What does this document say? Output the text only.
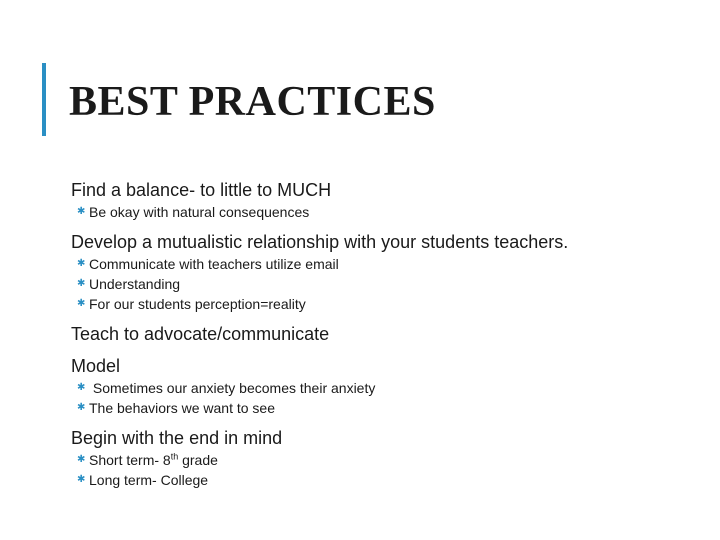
BEST PRACTICES
Find a balance- to little to MUCH
✱ Be okay with natural consequences
Develop a mutualistic relationship with your students teachers.
✱ Communicate with teachers utilize email
✱ Understanding
✱ For our students perception=reality
Teach to advocate/communicate
Model
✱ Sometimes our anxiety becomes their anxiety
✱ The behaviors we want to see
Begin with the end in mind
✱ Short term- 8th grade
✱ Long term- College
